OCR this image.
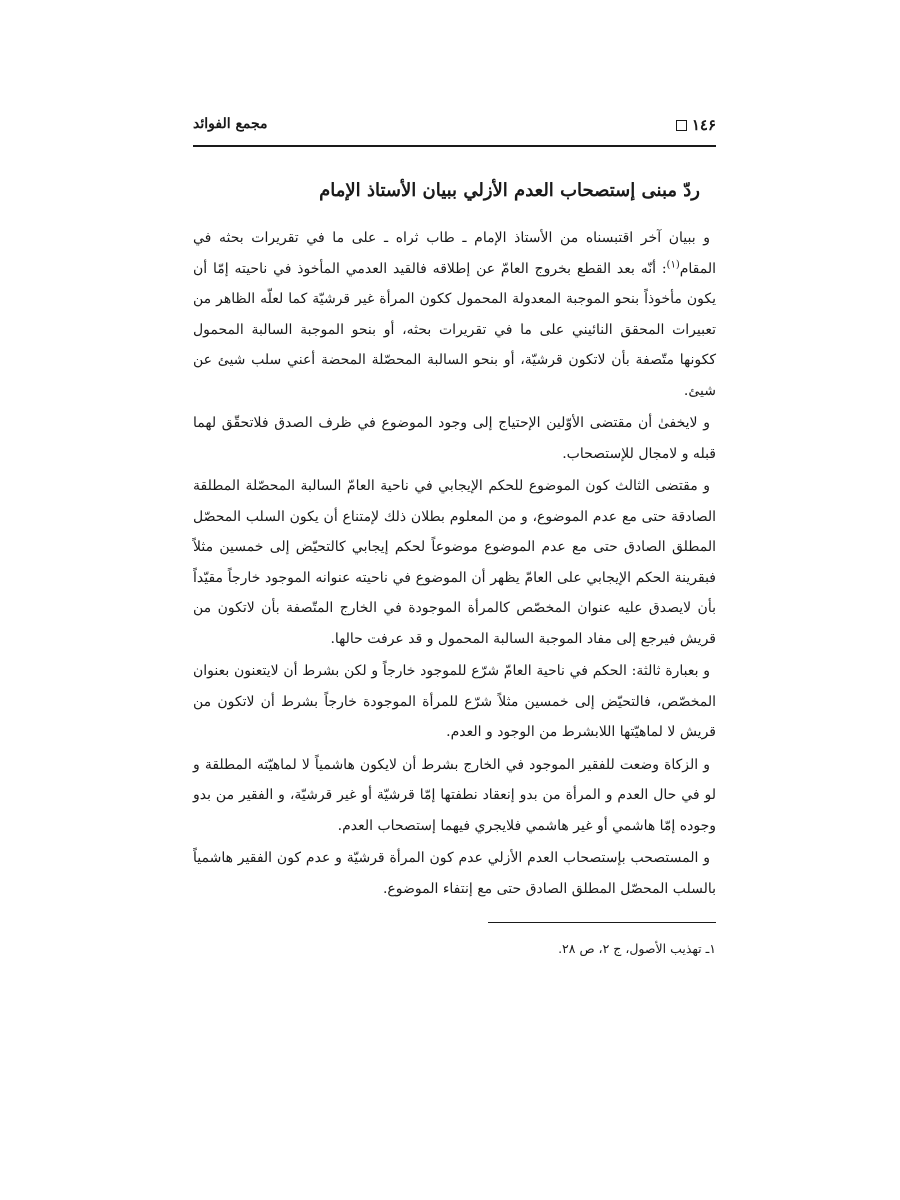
١٤۶
مجمع الفوائد
ردّ مبنى إستصحاب العدم الأزلي ببيان الأستاذ الإمام

و ببيان آخر اقتبسناه من الأستاذ الإمام ـ طاب ثراه ـ على ما في تقريرات بحثه في المقام$^{(١)}$: أنّه بعد القطع بخروج العامّ عن إطلاقه فالقيد العدمي المأخوذ في ناحيته إمّا أن يكون مأخوذاً بنحو الموجبة المعدولة المحمول ككون المرأة غير قرشيّة كما لعلّه الظاهر من تعبيرات المحقق النائيني على ما في تقريرات بحثه، أو بنحو الموجبة السالبة المحمول ككونها متّصفة بأن لاتكون قرشيّة، أو بنحو السالبة المحصّلة المحضة أعني سلب شيئ عن شيئ.

و لايخفىٰ أن مقتضى الأوّلين الإحتياج إلى وجود الموضوع في ظرف الصدق فلاتحقّق لهما قبله و لامجال للإستصحاب.

و مقتضى الثالث كون الموضوع للحكم الإيجابي في ناحية العامّ السالبة المحصّلة المطلقة الصادقة حتى مع عدم الموضوع، و من المعلوم بطلان ذلك لإمتناع أن يكون السلب المحصّل المطلق الصادق حتى مع عدم الموضوع موضوعاً لحكم إيجابي كالتحيّض إلى خمسين مثلاً فبقرينة الحكم الإيجابي على العامّ يظهر أن الموضوع في ناحيته عنوانه الموجود خارجاً مقيّداً بأن لايصدق عليه عنوان المخصّص كالمرأة الموجودة في الخارج المتّصفة بأن لاتكون من قريش فيرجع إلى مفاد الموجبة السالبة المحمول و قد عرفت حالها.

و بعبارة ثالثة: الحكم في ناحية العامّ شرّع للموجود خارجاً و لكن بشرط أن لايتعنون بعنوان المخصّص، فالتحيّض إلى خمسين مثلاً شرّع للمرأة الموجودة خارجاً بشرط أن لاتكون من قريش لا لماهيّتها اللابشرط من الوجود و العدم.

و الزكاة وضعت للفقير الموجود في الخارج بشرط أن لايكون هاشمياً لا لماهيّته المطلقة و لو في حال العدم و المرأة من بدو إنعقاد نطفتها إمّا قرشيّة أو غير قرشيّة، و الفقير من بدو وجوده إمّا هاشمي أو غير هاشمي فلايجري فيهما إستصحاب العدم.

و المستصحب بإستصحاب العدم الأزلي عدم كون المرأة قرشيّة و عدم كون الفقير هاشمياً بالسلب المحصّل المطلق الصادق حتى مع إنتفاء الموضوع.

١ـ تهذيب الأصول، ج ٢، ص ٢٨.
